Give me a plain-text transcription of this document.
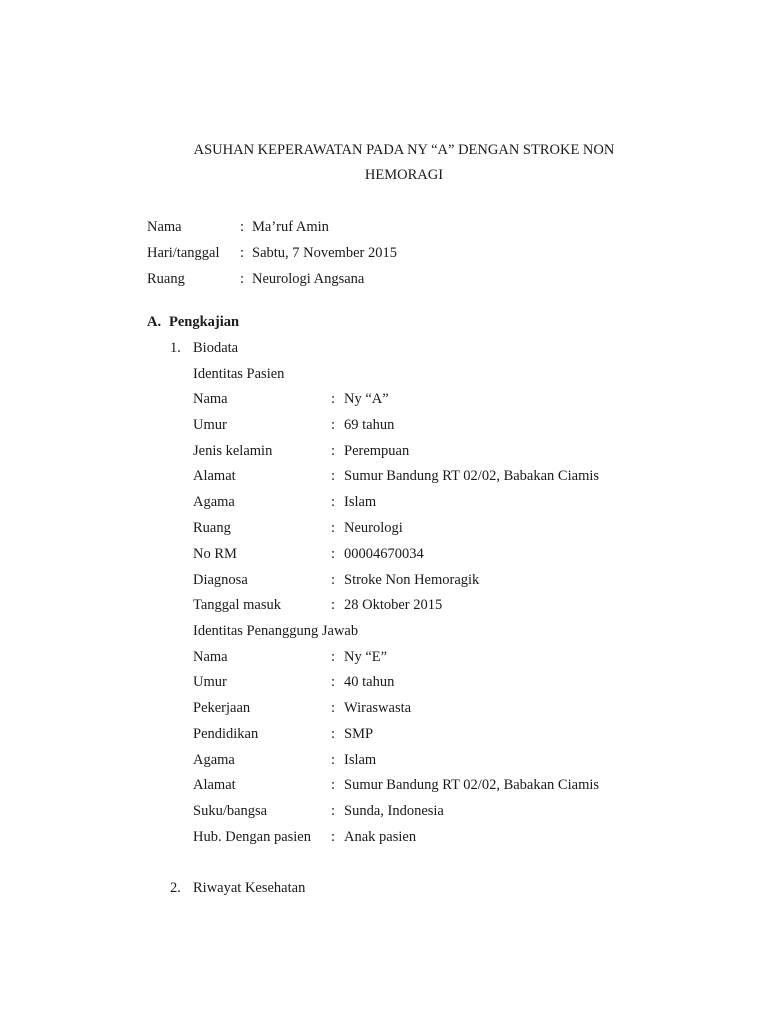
ASUHAN KEPERAWATAN PADA NY “A” DENGAN STROKE NON
HEMORAGI
Nama	: Ma’ruf Amin
Hari/tanggal : Sabtu, 7 November 2015
Ruang	: Neurologi Angsana
A. Pengkajian
1. Biodata
Identitas Pasien
Nama	: Ny “A”
Umur	: 69 tahun
Jenis kelamin	: Perempuan
Alamat	: Sumur Bandung RT 02/02, Babakan Ciamis
Agama	: Islam
Ruang	: Neurologi
No RM	: 00004670034
Diagnosa	: Stroke Non Hemoragik
Tanggal masuk	: 28 Oktober 2015
Identitas Penanggung Jawab
Nama	: Ny “E”
Umur	: 40 tahun
Pekerjaan	: Wiraswasta
Pendidikan	: SMP
Agama	: Islam
Alamat	: Sumur Bandung RT 02/02, Babakan Ciamis
Suku/bangsa	: Sunda, Indonesia
Hub. Dengan pasien : Anak pasien
2. Riwayat Kesehatan
